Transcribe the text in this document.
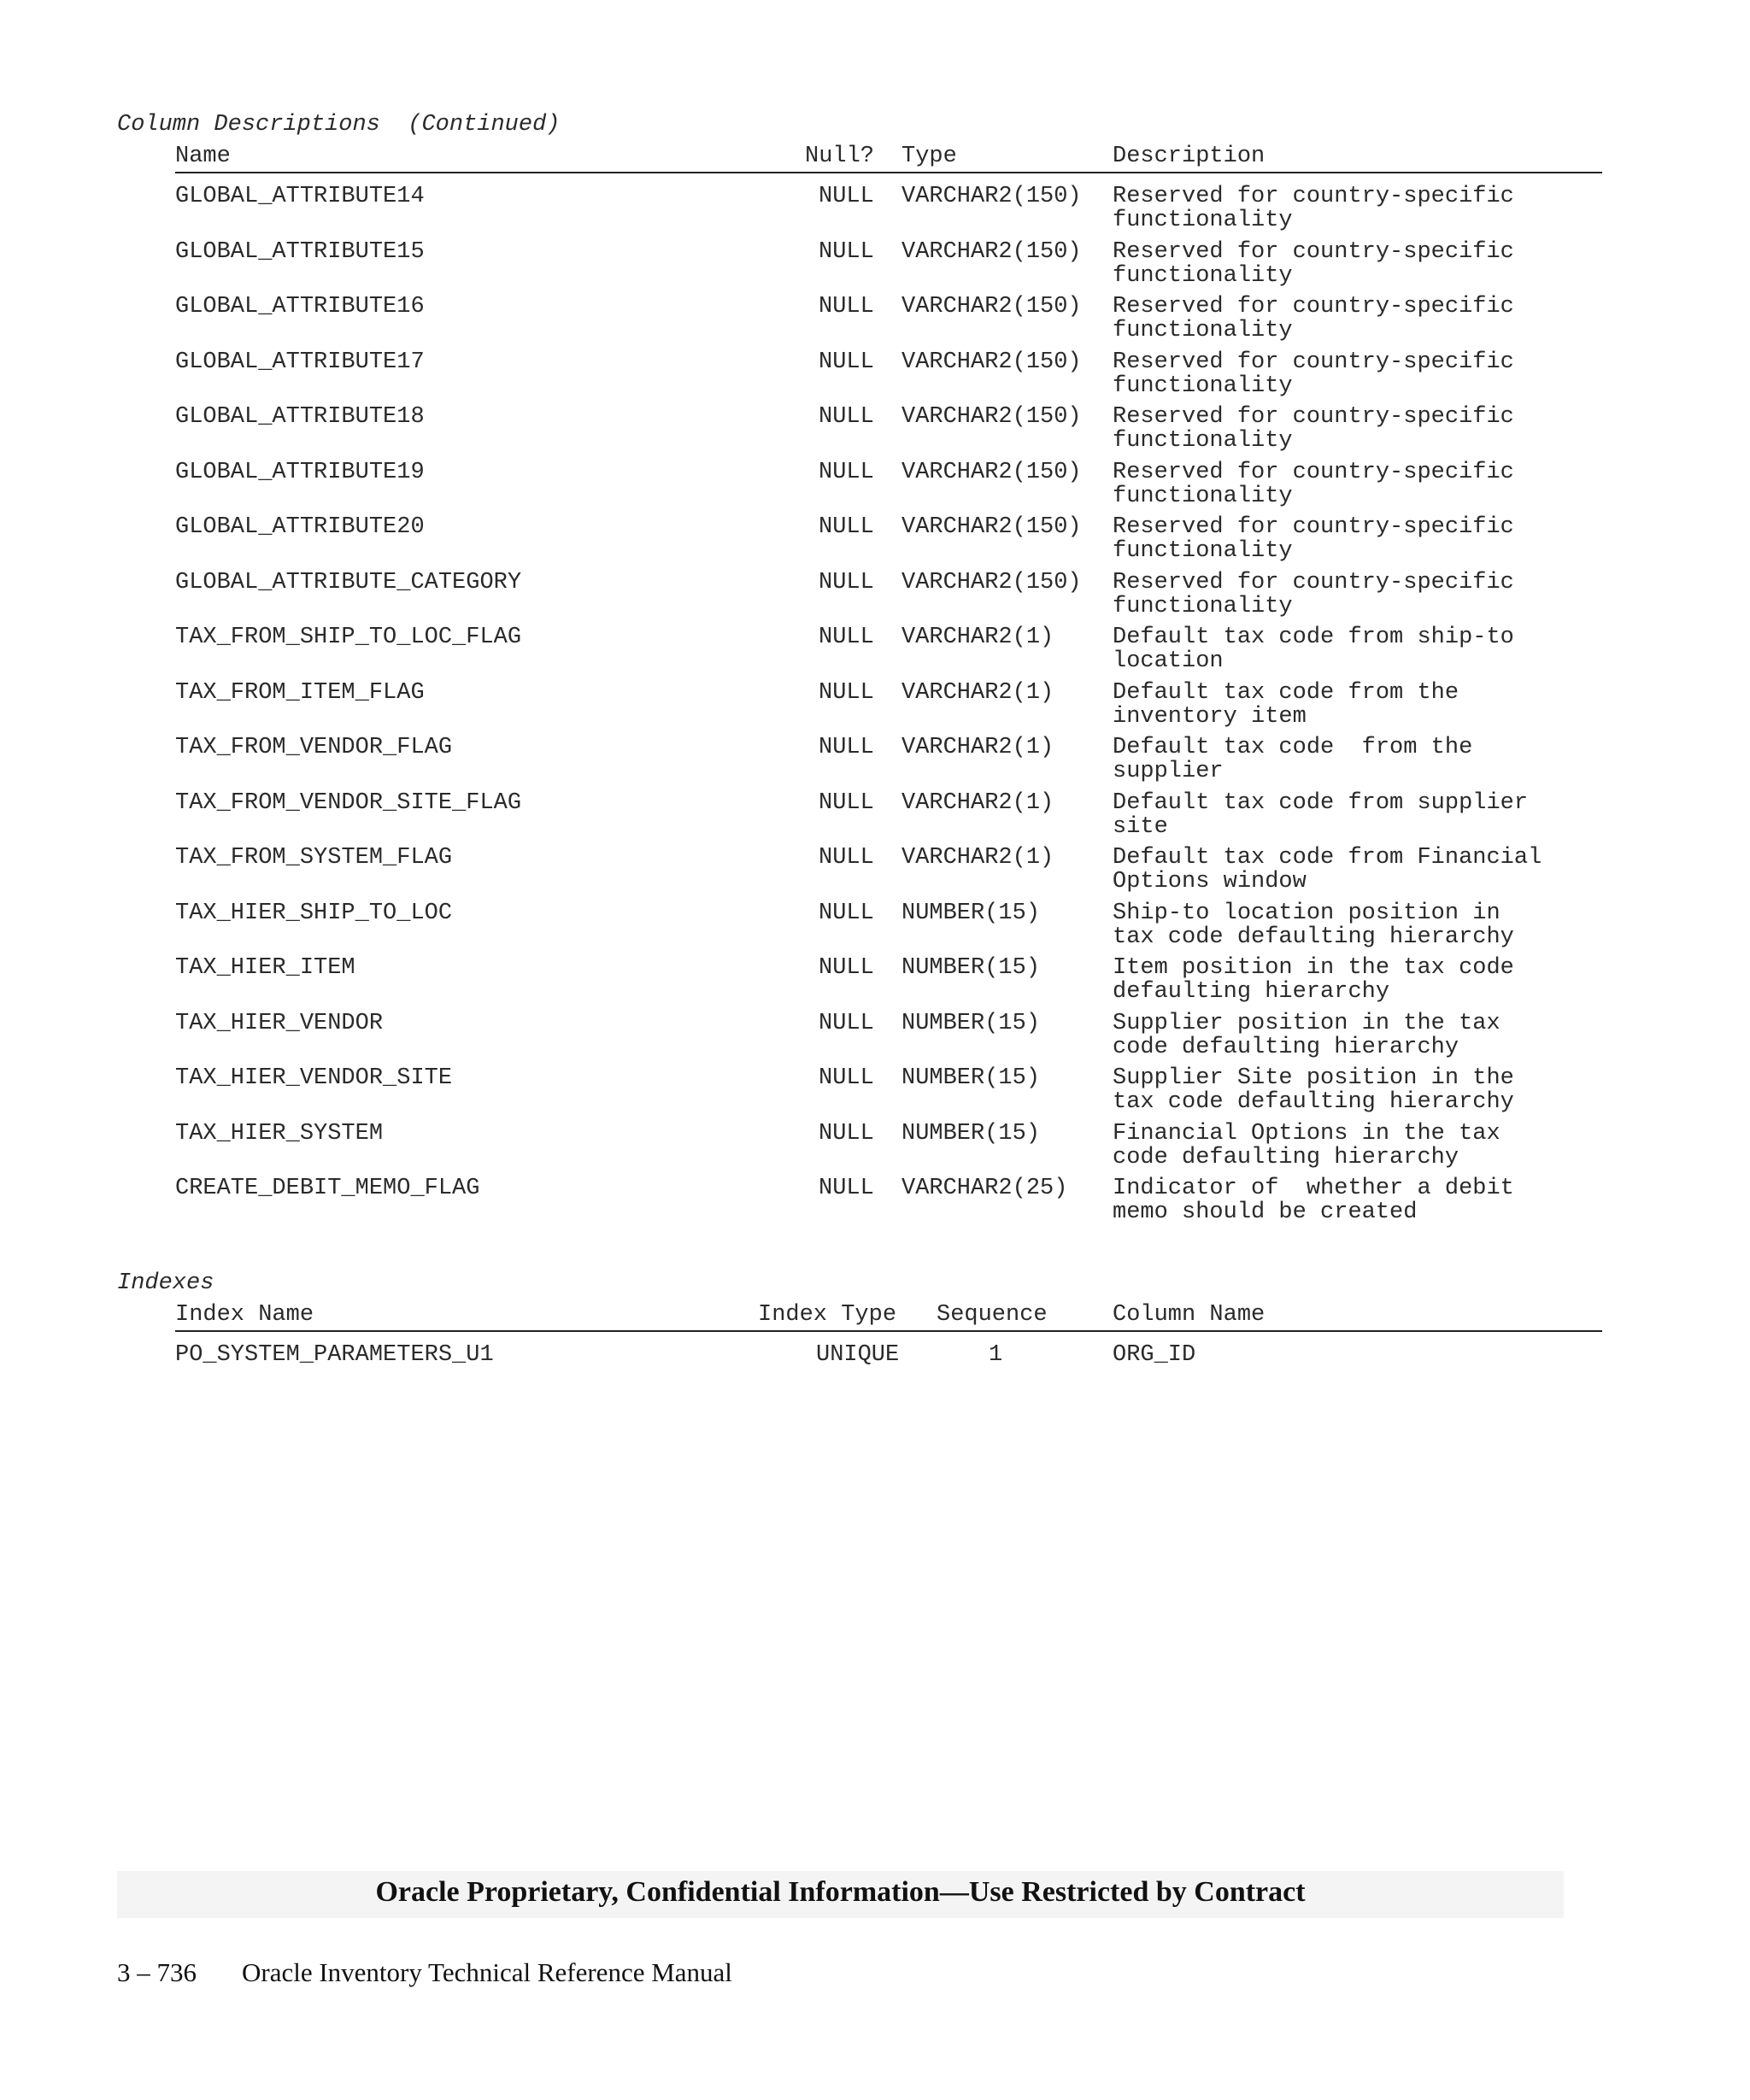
Column Descriptions  (Continued)
Name	Null? Type	Description
GLOBAL_ATTRIBUTE14	NULL VARCHAR2(150) Reserved for country-specific
functionality
GLOBAL_ATTRIBUTE15	NULL VARCHAR2(150) Reserved for country-specific
functionality
GLOBAL_ATTRIBUTE16	NULL VARCHAR2(150) Reserved for country-specific
functionality
GLOBAL_ATTRIBUTE17	NULL VARCHAR2(150) Reserved for country-specific
functionality
GLOBAL_ATTRIBUTE18	NULL VARCHAR2(150) Reserved for country-specific
functionality
GLOBAL_ATTRIBUTE19	NULL VARCHAR2(150) Reserved for country-specific
functionality
GLOBAL_ATTRIBUTE20	NULL VARCHAR2(150) Reserved for country-specific
functionality
GLOBAL_ATTRIBUTE_CATEGORY	NULL VARCHAR2(150) Reserved for country-specific
functionality
TAX_FROM_SHIP_TO_LOC_FLAG	NULL VARCHAR2(1)	Default tax code from ship-to
location
TAX_FROM_ITEM_FLAG	NULL VARCHAR2(1)	Default tax code from the
inventory item
TAX_FROM_VENDOR_FLAG	NULL VARCHAR2(1)	Default tax code  from the
supplier
TAX_FROM_VENDOR_SITE_FLAG	NULL VARCHAR2(1)	Default tax code from supplier
site
TAX_FROM_SYSTEM_FLAG	NULL VARCHAR2(1)	Default tax code from Financial
Options window
TAX_HIER_SHIP_TO_LOC	NULL NUMBER(15)	Ship-to location position in
tax code defaulting hierarchy
TAX_HIER_ITEM	NULL NUMBER(15)	Item position in the tax code
defaulting hierarchy
TAX_HIER_VENDOR	NULL NUMBER(15)	Supplier position in the tax
code defaulting hierarchy
TAX_HIER_VENDOR_SITE	NULL NUMBER(15)	Supplier Site position in the
tax code defaulting hierarchy
TAX_HIER_SYSTEM	NULL NUMBER(15)	Financial Options in the tax
code defaulting hierarchy
CREATE_DEBIT_MEMO_FLAG	NULL VARCHAR2(25) Indicator of  whether a debit
memo should be created
Indexes
Index Name	Index Type Sequence	Column Name
PO_SYSTEM_PARAMETERS_U1	UNIQUE	1	ORG_ID
Oracle Proprietary, Confidential Information––Use Restricted by Contract
3 – 736 Oracle Inventory Technical Reference Manual
